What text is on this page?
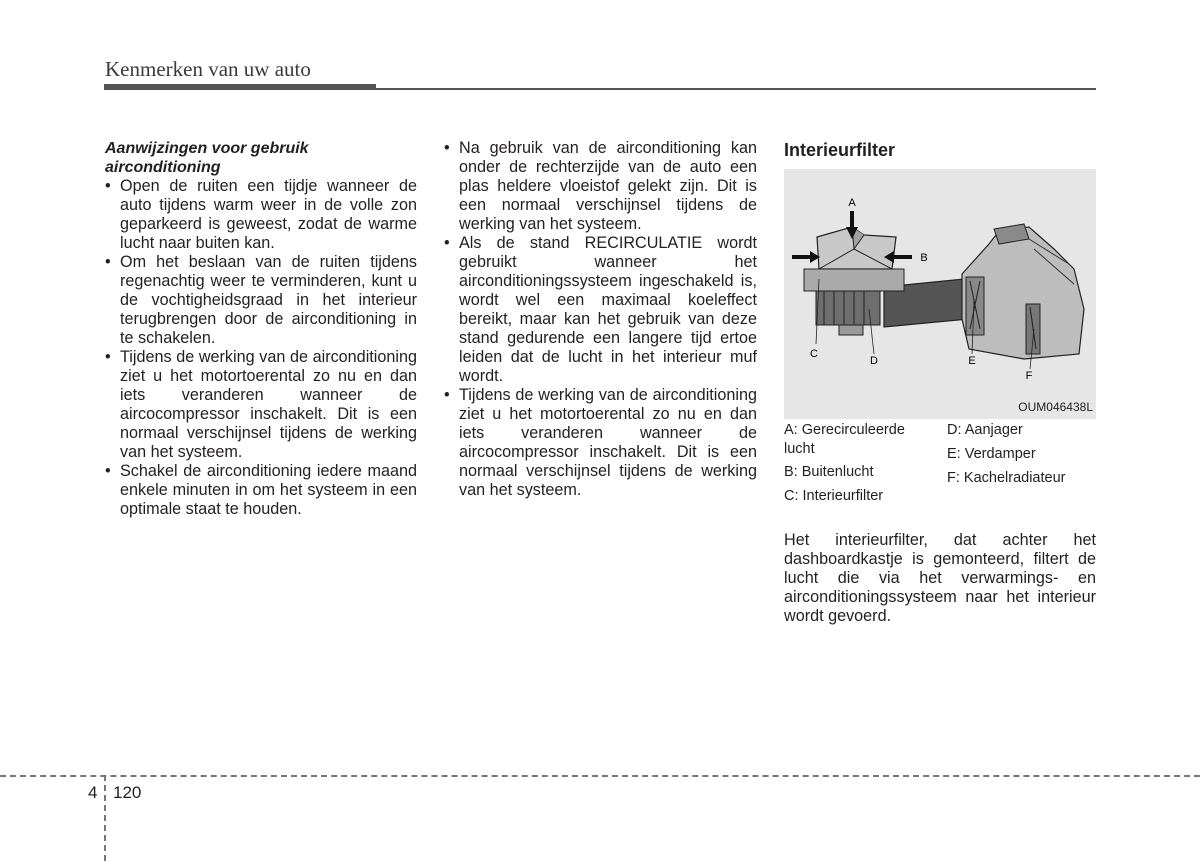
Kenmerken van uw auto

Aanwijzingen voor gebruik airconditioning

• Open de ruiten een tijdje wanneer de auto tijdens warm weer in de volle zon geparkeerd is geweest, zodat de warme lucht naar buiten kan.
• Om het beslaan van de ruiten tijdens regenachtig weer te verminderen, kunt u de vochtigheidsgraad in het interieur terugbrengen door de airconditioning in te schakelen.
• Tijdens de werking van de airconditioning ziet u het motortoerental zo nu en dan iets veranderen wanneer de aircocompressor inschakelt. Dit is een normaal verschijnsel tijdens de werking van het systeem.
• Schakel de airconditioning iedere maand enkele minuten in om het systeem in een optimale staat te houden.
• Na gebruik van de airconditioning kan onder de rechterzijde van de auto een plas heldere vloeistof gelekt zijn. Dit is een normaal verschijnsel tijdens de werking van het systeem.
• Als de stand RECIRCULATIE wordt gebruikt wanneer het airconditioningssysteem ingeschakeld is, wordt wel een maximaal koeleffect bereikt, maar kan het gebruik van deze stand gedurende een langere tijd ertoe leiden dat de lucht in het interieur muf wordt.
• Tijdens de werking van de airconditioning ziet u het motortoerental zo nu en dan iets veranderen wanneer de aircocompressor inschakelt. Dit is een normaal verschijnsel tijdens de werking van het systeem.

Interieurfilter

A
B
C
D	E
F
OUM046438L
A: Gerecirculeerde lucht
B: Buitenlucht
C: Interieurfilter
D: Aanjager
E: Verdamper
F: Kachelradiateur

Het interieurfilter, dat achter het dashboardkastje is gemonteerd, filtert de lucht die via het verwarmings- en airconditioningssysteem naar het interieur wordt gevoerd.

4 120
